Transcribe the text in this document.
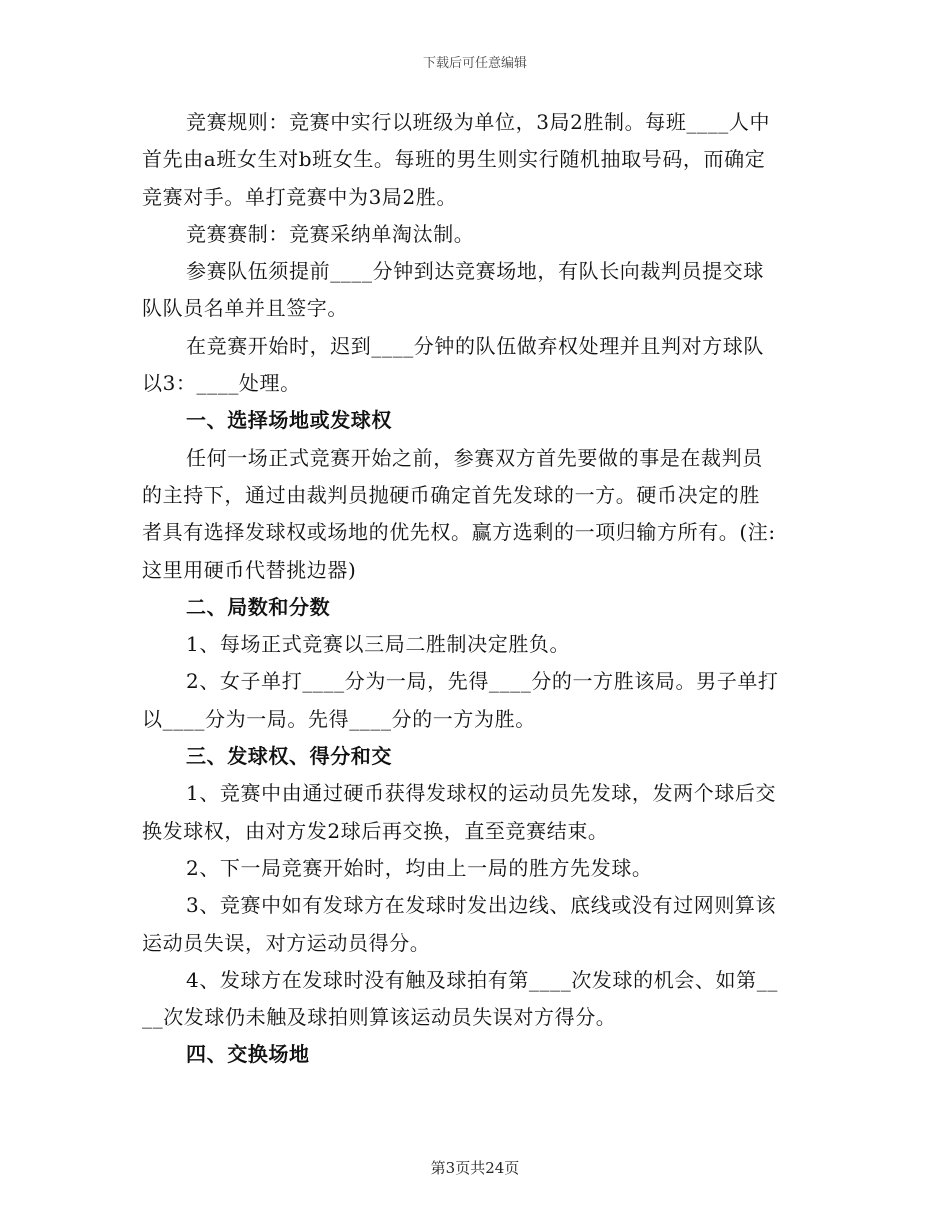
下载后可任意编辑
竞赛规则：竞赛中实行以班级为单位，3局2胜制。每班____人中
首先由a班女生对b班女生。每班的男生则实行随机抽取号码，而确定
竞赛对手。单打竞赛中为3局2胜。
竞赛赛制：竞赛采纳单淘汰制。
参赛队伍须提前____分钟到达竞赛场地，有队长向裁判员提交球
队队员名单并且签字。
在竞赛开始时，迟到____分钟的队伍做弃权处理并且判对方球队
以3：____处理。
一、选择场地或发球权
任何一场正式竞赛开始之前，参赛双方首先要做的事是在裁判员
的主持下，通过由裁判员抛硬币确定首先发球的一方。硬币决定的胜
者具有选择发球权或场地的优先权。赢方选剩的一项归输方所有。(注:
这里用硬币代替挑边器)
二、局数和分数
1、每场正式竞赛以三局二胜制决定胜负。
2、女子单打____分为一局，先得____分的一方胜该局。男子单打
以____分为一局。先得____分的一方为胜。
三、发球权、得分和交
1、竞赛中由通过硬币获得发球权的运动员先发球，发两个球后交
换发球权，由对方发2球后再交换，直至竞赛结束。
2、下一局竞赛开始时，均由上一局的胜方先发球。
3、竞赛中如有发球方在发球时发出边线、底线或没有过网则算该
运动员失误，对方运动员得分。
4、发球方在发球时没有触及球拍有第____次发球的机会、如第__
__次发球仍未触及球拍则算该运动员失误对方得分。
四、交换场地
第3页共24页
